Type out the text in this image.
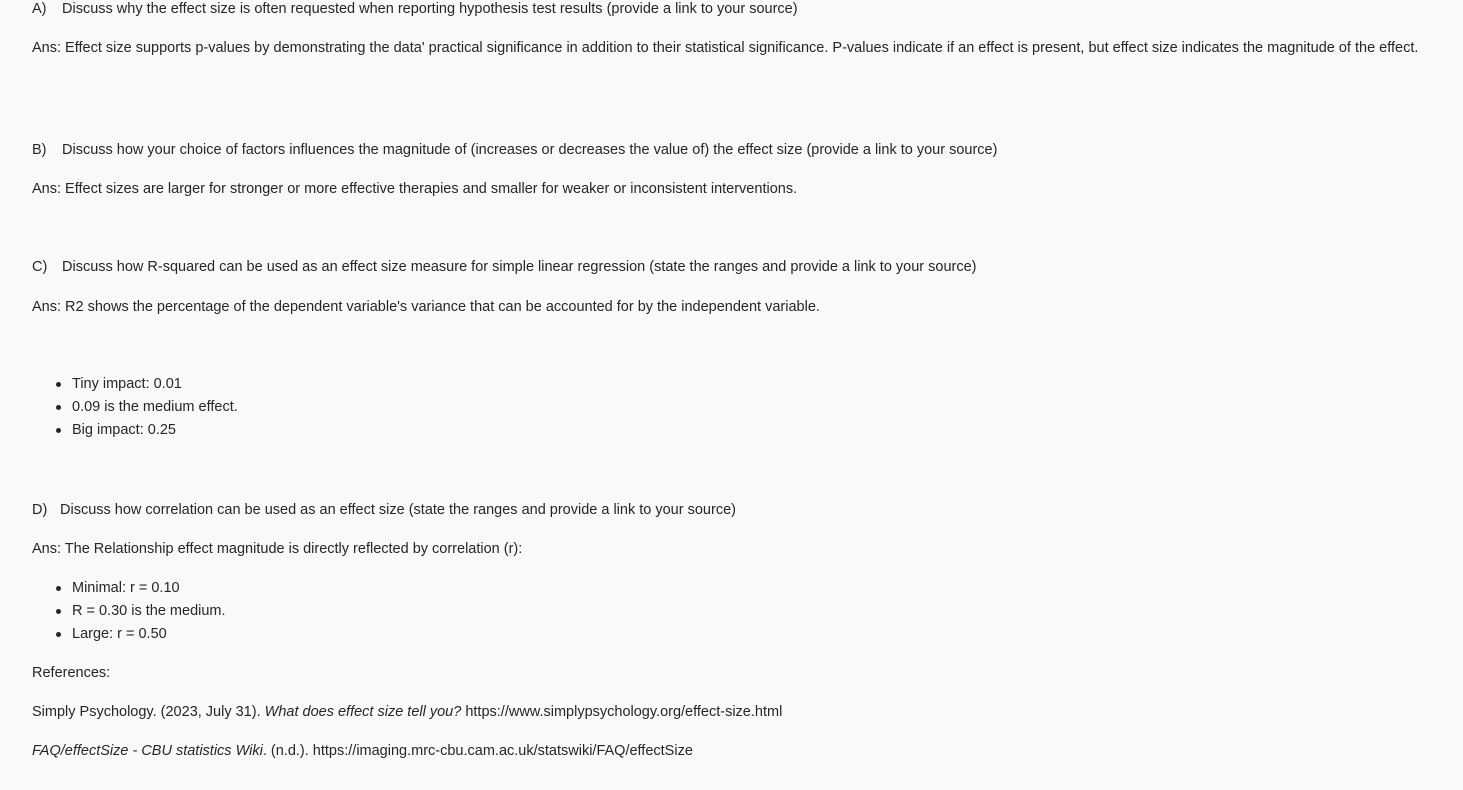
A) Discuss why the effect size is often requested when reporting hypothesis test results (provide a link to your source)
Ans: Effect size supports p-values by demonstrating the data' practical significance in addition to their statistical significance. P-values indicate if an effect is present, but effect size indicates the magnitude of the effect.
B) Discuss how your choice of factors influences the magnitude of (increases or decreases the value of) the effect size (provide a link to your source)
Ans: Effect sizes are larger for stronger or more effective therapies and smaller for weaker or inconsistent interventions.
C) Discuss how R-squared can be used as an effect size measure for simple linear regression (state the ranges and provide a link to your source)
Ans: R2 shows the percentage of the dependent variable's variance that can be accounted for by the independent variable.
Tiny impact: 0.01
0.09 is the medium effect.
Big impact: 0.25
D) Discuss how correlation can be used as an effect size (state the ranges and provide a link to your source)
Ans: The Relationship effect magnitude is directly reflected by correlation (r):
Minimal: r = 0.10
R = 0.30 is the medium.
Large: r = 0.50
References:
Simply Psychology. (2023, July 31). What does effect size tell you? https://www.simplypsychology.org/effect-size.html
FAQ/effectSize - CBU statistics Wiki. (n.d.). https://imaging.mrc-cbu.cam.ac.uk/statswiki/FAQ/effectSize
